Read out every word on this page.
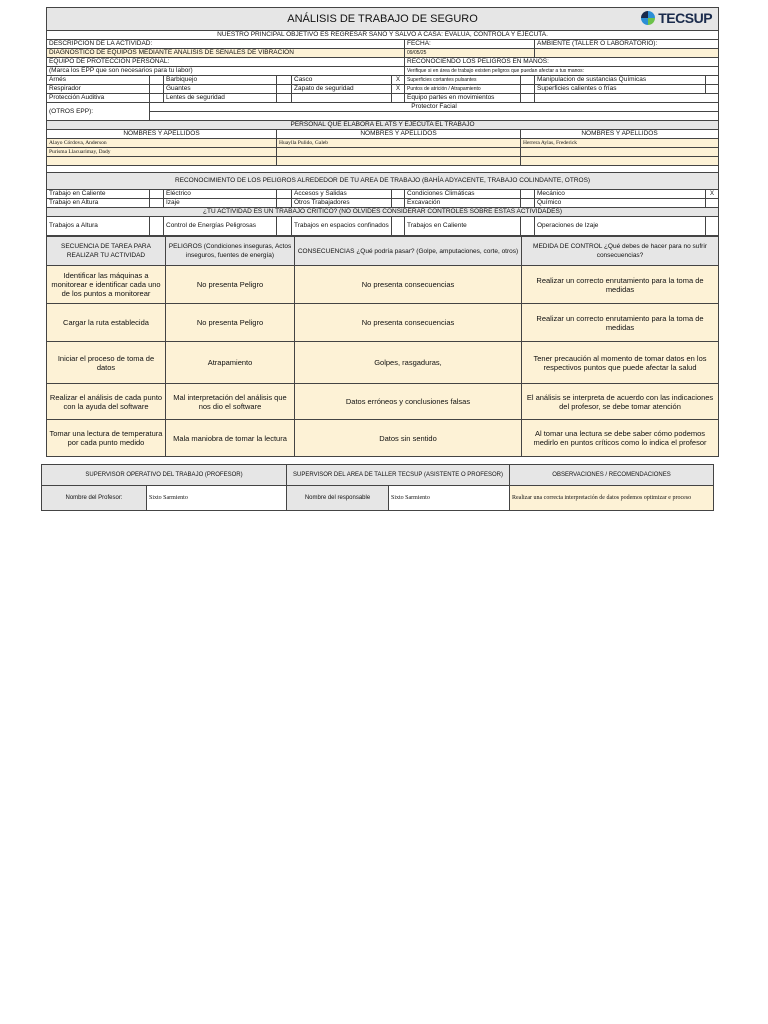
ANÁLISIS DE TRABAJO DE SEGURO TECSUP									

NUESTRO PRINCIPAL OBJETIVO ES REGRESAR SANO Y SALVO A CASA: EVALUA, CONTROLA Y EJECUTA.									
DESCRIPCIÓN DE LA ACTIVIDAD:						FECHA:		AMBIENTE (TALLER O LABORATORIO):	
DIAGNÓSTICO DE EQUIPOS MEDIANTE ANÁLISIS DE SEÑALES DE VIBRACIÓN						09/05/25			
EQUIPO DE PROTECCION PERSONAL:						RECONOCIENDO LOS PELIGROS EN MANOS:			
(Marca los EPP que son necesarios para tu labor)						Verifique si en área de trabajo existen peligros que puedan afectar a tus manos:			
Arnés		Barbiquejo		Casco	X	Superficies cortantes pulsantes		Manipulacion de sustancias Químicas	
Respirador		Guantes		Zapato de seguridad	X	Puntos de atrición / Atrapamiento		Superficies calientes o frías	
Protección Auditiva		Lentes de seguridad				Equipo partes en movimientos			
(OTROS EPP):	Protector Facial								

PERSONAL QUE ELABORA EL ATS Y EJECUTA EL TRABAJO									
NOMBRES Y APELLIDOS			NOMBRES Y APELLIDOS				NOMBRES Y APELLIDOS		
Alayo Córdova, Anderson			Huaylla Pulido, Galeb				Herrera Aylas, Frederick		
Purisma Llacuarimay, Dady									

RECONOCIMIENTO DE LOS PELIGROS ALREDEDOR DE TU AREA DE TRABAJO (BAHÍA ADYACENTE, TRABAJO COLINDANTE, OTROS)									
Trabajo en Caliente		Eléctrico		Accesos y Salidas		Condiciones Climáticas		Mecánico	X
Trabajo en Altura		Izaje		Otros Trabajadores		Excavación		Químico	
¿TU ACTIVIDAD ES UN TRABAJO CRITICO? (NO OLVIDES CONSIDERAR CONTROLES SOBRE ESTAS ACTIVIDADES)									
Trabajos a Altura		Control de Energías Peligrosas		Trabajos en espacios confinados		Trabajos en Caliente		Operaciones de Izaje	
SECUENCIA DE TAREA PARA REALIZAR TU ACTIVIDAD	PELIGROS (Condiciones inseguras, Actos inseguros, fuentes de energía)	CONSECUENCIAS ¿Qué podría pasar? (Golpe, amputaciones, corte, otros)	MEDIDA DE CONTROL ¿Qué debes de hacer para no sufrir consecuencias?
Identificar las máquinas a monitorear e identificar cada uno de los puntos a monitorear	No presenta Peligro	No presenta consecuencias	Realizar un correcto enrutamiento para la toma de medidas
Cargar la ruta establecida	No presenta Peligro	No presenta consecuencias	Realizar un correcto enrutamiento para la toma de medidas
Iniciar el proceso de toma de datos	Atrapamiento	Golpes, rasgaduras,	Tener precaución al momento de tomar datos en los respectivos puntos que puede afectar la salud
Realizar el análisis de cada punto con la ayuda del software	Mal interpretación del análisis que nos dio el software	Datos erróneos y conclusiones falsas	El análisis se interpreta de acuerdo con las indicaciones del profesor, se debe tomar atención
Tomar una lectura de temperatura por cada punto medido	Mala maniobra de tomar la lectura	Datos sin sentido	Al tomar una lectura se debe saber cómo podemos medirlo en puntos críticos como lo indica el profesor
SUPERVISOR OPERATIVO DEL TRABAJO (PROFESOR)		SUPERVISOR DEL AREA DE TALLER TECSUP (ASISTENTE O PROFESOR)		OBSERVACIONES / RECOMENDACIONES
Nombre del Profesor:	Sixto Sarmiento	Nombre del responsable	Sixto Sarmiento	Realizar una correcta interpretación de datos podemos optimizar e proceso
